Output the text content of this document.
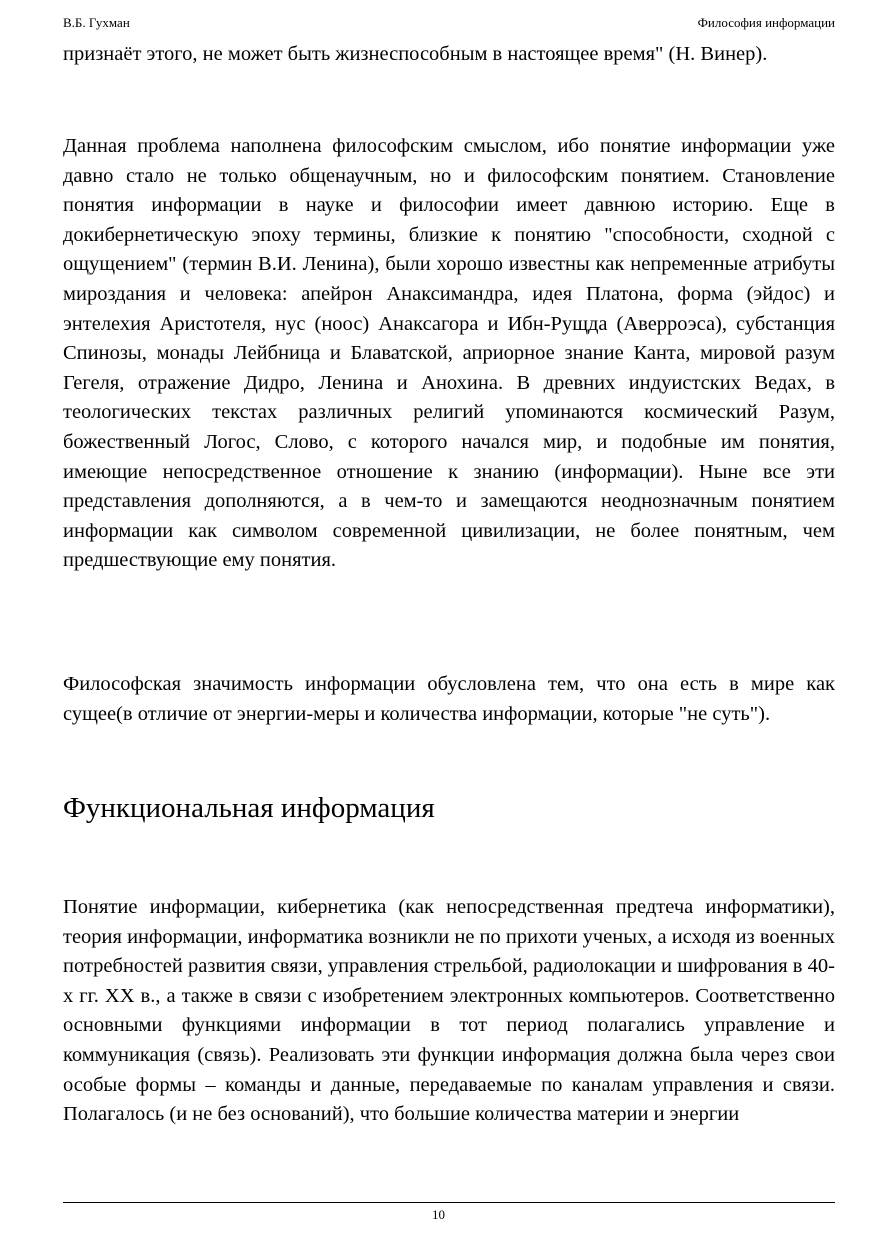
В.Б. Гухман	Философия информации

признаёт этого, не может быть жизнеспособным в настоящее время" (Н. Винер).

Данная проблема наполнена философским смыслом, ибо понятие информации уже давно стало не только общенаучным, но и философским понятием. Становление понятия информации в науке и философии имеет давнюю историю. Еще в докибернетическую эпоху термины, близкие к понятию "способности, сходной с ощущением" (термин В.И. Ленина), были хорошо известны как непременные атрибуты мироздания и человека: апейрон Анаксимандра, идея Платона, форма (эйдос) и энтелехия Аристотеля, нус (ноос) Анаксагора и Ибн-Рущда (Аверроэса), субстанция Спинозы, монады Лейбница и Блаватской, априорное знание Канта, мировой разум Гегеля, отражение Дидро, Ленина и Анохина. В древних индуистских Ведах, в теологических текстах различных религий упоминаются космический Разум, божественный Логос, Слово, с которого начался мир, и подобные им понятия, имеющие непосредственное отношение к знанию (информации). Ныне все эти представления дополняются, а в чем-то и замещаются неоднозначным понятием информации как символом современной цивилизации, не более понятным, чем предшествующие ему понятия.

Философская значимость информации обусловлена тем, что она есть в мире как сущее(в отличие от энергии-меры и количества информации, которые "не суть").

Функциональная информация

Понятие информации, кибернетика (как непосредственная предтеча информатики), теория информации, информатика возникли не по прихоти ученых, а исходя из военных потребностей развития связи, управления стрельбой, радиолокации и шифрования в 40-х гг. XX в., а также в связи с изобретением электронных компьютеров. Соответственно основными функциями информации в тот период полагались управление и коммуникация (связь). Реализовать эти функции информация должна была через свои особые формы – команды и данные, передаваемые по каналам управления и связи. Полагалось (и не без оснований), что большие количества материи и энергии

10
